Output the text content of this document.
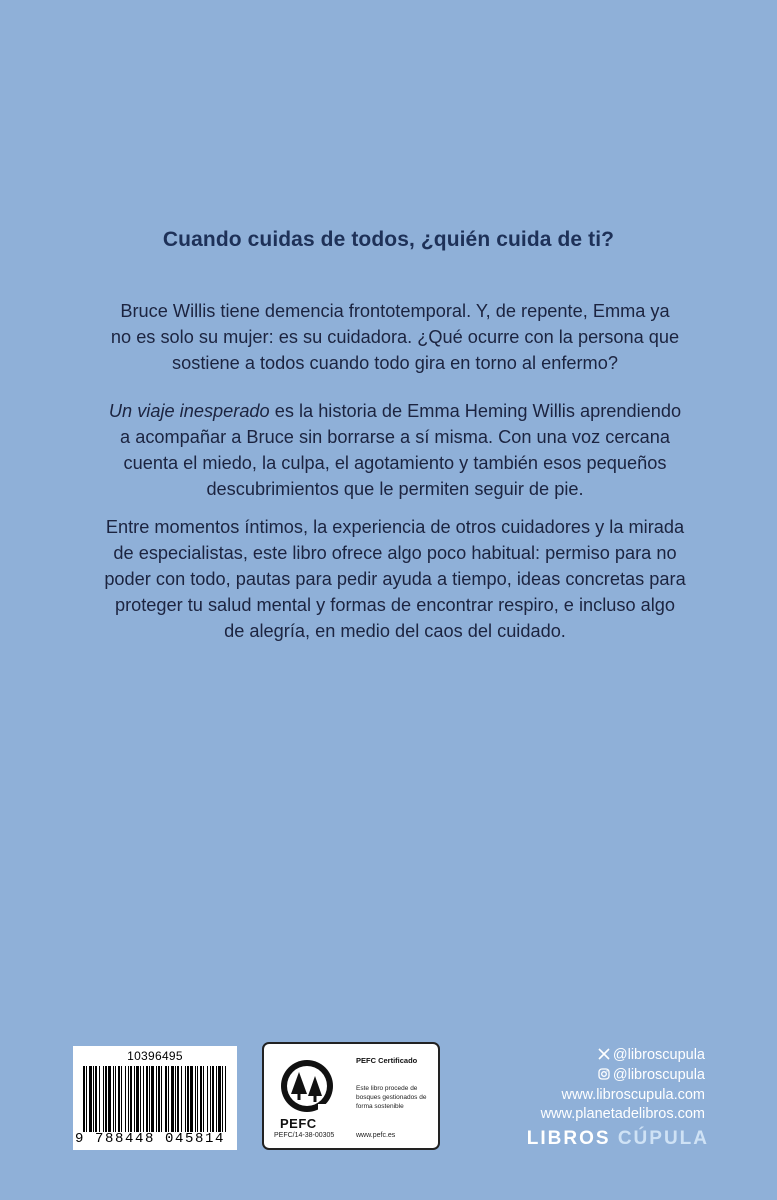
Cuando cuidas de todos, ¿quién cuida de ti?
Bruce Willis tiene demencia frontotemporal. Y, de repente, Emma ya
no es solo su mujer: es su cuidadora. ¿Qué ocurre con la persona que
sostiene a todos cuando todo gira en torno al enfermo?
Un viaje inesperado es la historia de Emma Heming Willis aprendiendo
a acompañar a Bruce sin borrarse a sí misma. Con una voz cercana
cuenta el miedo, la culpa, el agotamiento y también esos pequeños
descubrimientos que le permiten seguir de pie.
Entre momentos íntimos, la experiencia de otros cuidadores y la mirada
de especialistas, este libro ofrece algo poco habitual: permiso para no
poder con todo, pautas para pedir ayuda a tiempo, ideas concretas para
proteger tu salud mental y formas de encontrar respiro, e incluso algo
de alegría, en medio del caos del cuidado.
10396495
9 788448 045814
PEFC
PEFC/14-38-00305
PEFC Certificado
Este libro procede de bosques gestionados de forma sostenible
www.pefc.es
@libroscupula
@libroscupula
www.libroscupula.com
www.planetadelibros.com
LIBROS CÚPULA
